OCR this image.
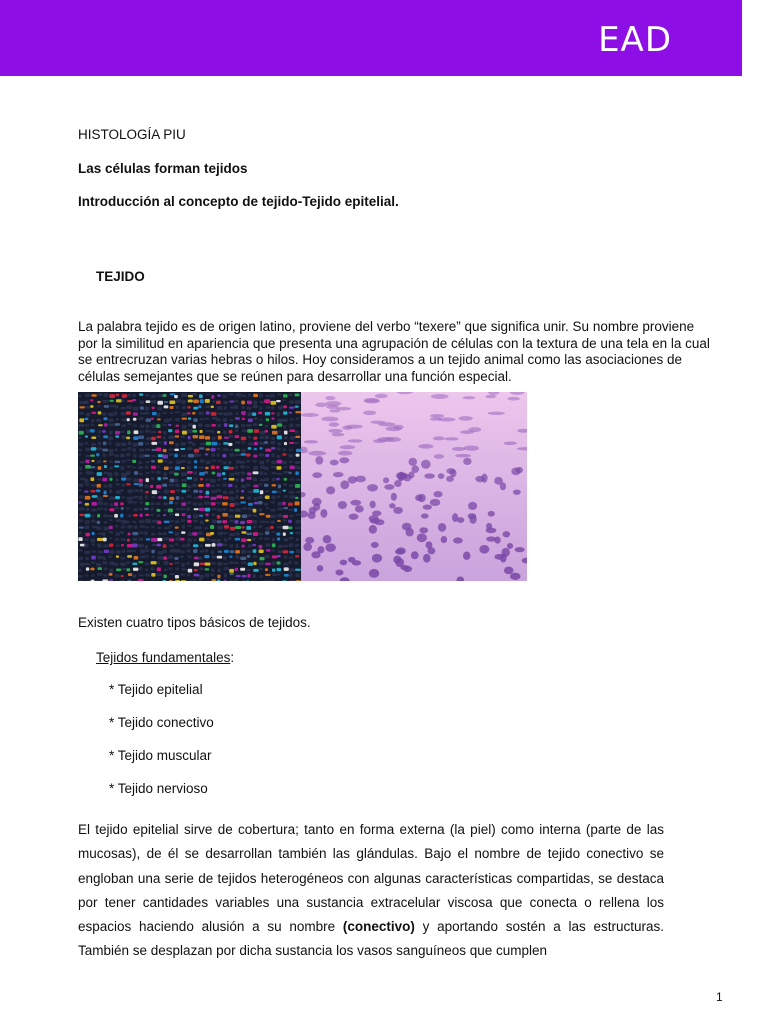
EAD
HISTOLOGÍA PIU
Las células forman tejidos
Introducción al concepto de tejido-Tejido epitelial.
TEJIDO
La palabra tejido es de origen latino, proviene del verbo “texere” que significa unir. Su nombre proviene por la similitud en apariencia que presenta una agrupación de células con la textura de una tela en la cual se entrecruzan varias hebras o hilos. Hoy consideramos a un tejido animal como las asociaciones de células semejantes que se reúnen para desarrollar una función especial.
Existen cuatro tipos básicos de tejidos.
Tejidos fundamentales:
* Tejido epitelial
* Tejido conectivo
* Tejido muscular
* Tejido nervioso
El tejido epitelial sirve de cobertura; tanto en forma externa (la piel) como interna (parte de las mucosas), de él se desarrollan también las glándulas. Bajo el nombre de tejido conectivo se engloban una serie de tejidos heterogéneos con algunas características compartidas, se destaca por tener cantidades variables una sustancia extracelular viscosa que conecta o rellena los espacios haciendo alusión a su nombre (conectivo) y aportando sostén a las estructuras. También se desplazan por dicha sustancia los vasos sanguíneos que cumplen
1
